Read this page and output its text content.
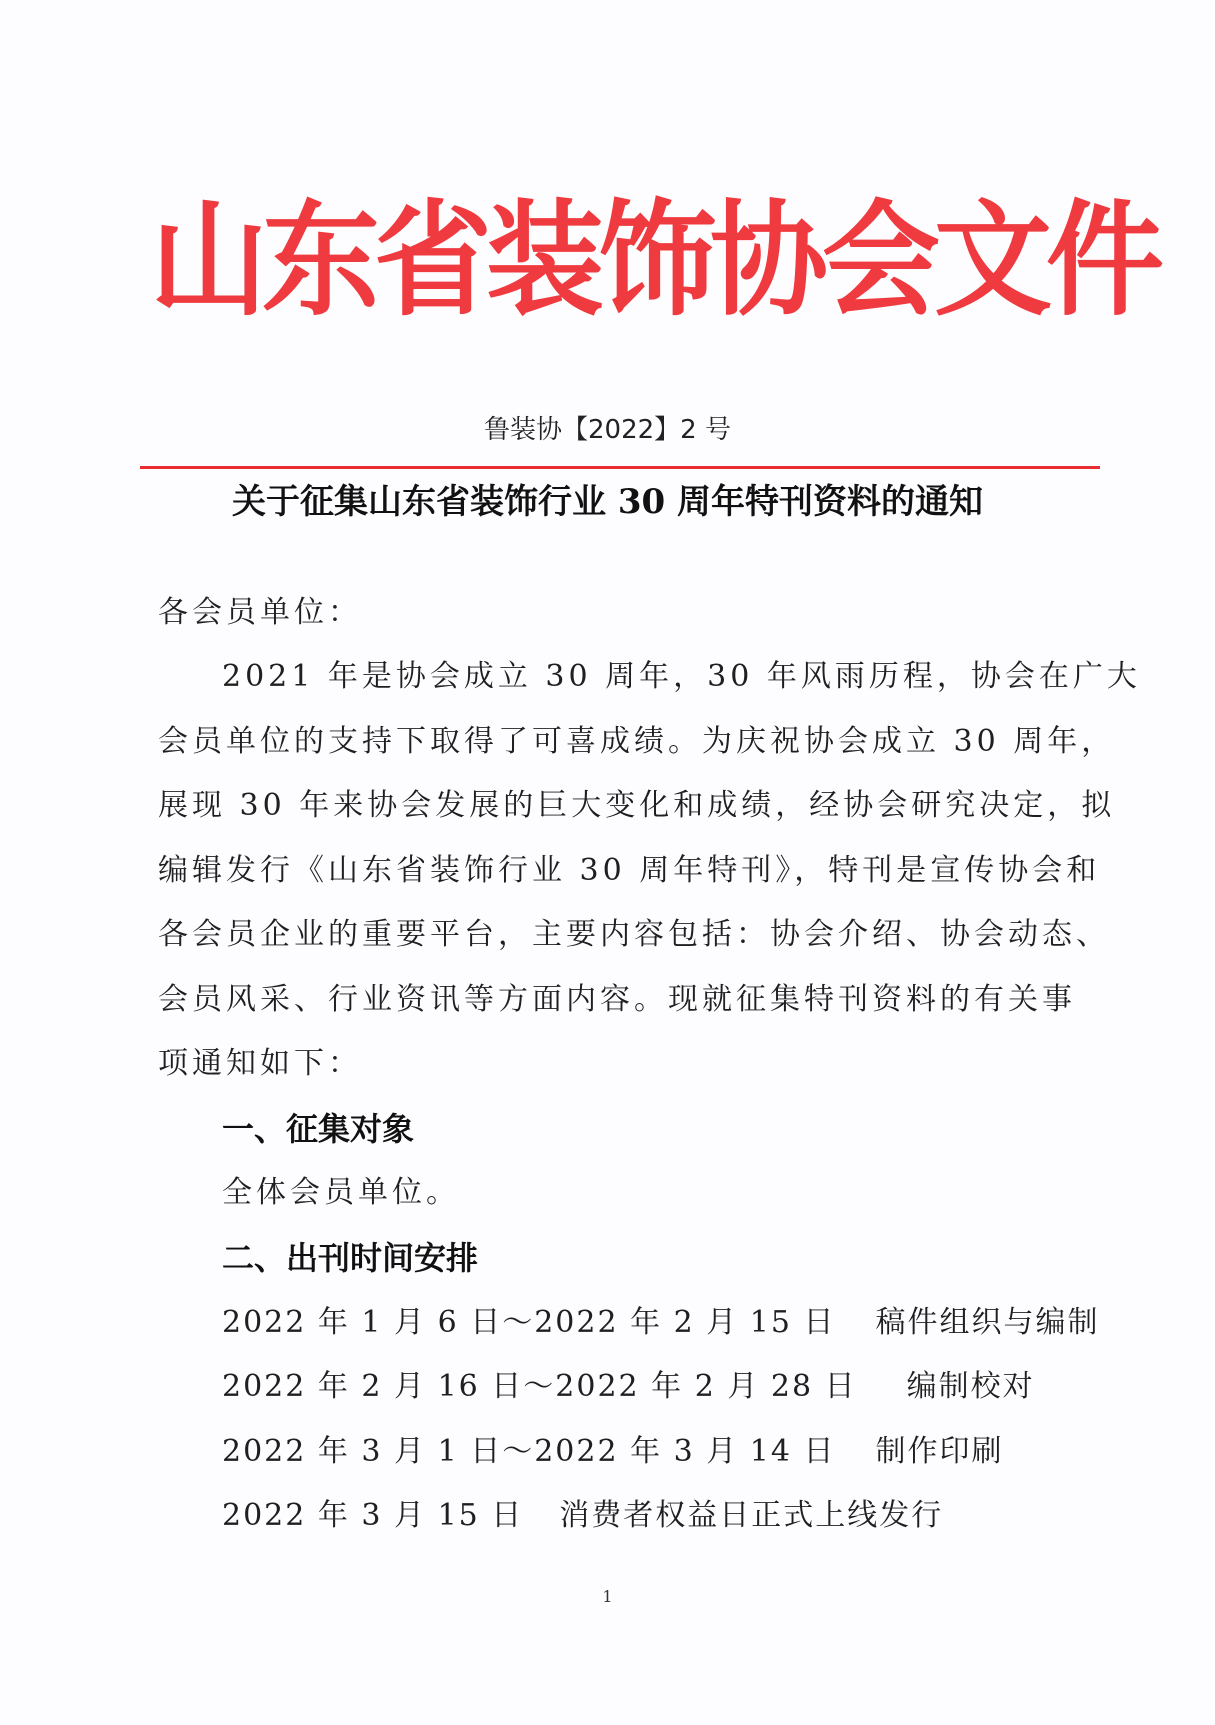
山东省装饰协会文件
鲁装协【2022】2 号
关于征集山东省装饰行业 30 周年特刊资料的通知
各会员单位：
2021 年是协会成立 30 周年，30 年风雨历程，协会在广大
会员单位的支持下取得了可喜成绩。为庆祝协会成立 30 周年，
展现 30 年来协会发展的巨大变化和成绩，经协会研究决定，拟
编辑发行《山东省装饰行业 30 周年特刊》，特刊是宣传协会和
各会员企业的重要平台，主要内容包括：协会介绍、协会动态、
会员风采、行业资讯等方面内容。现就征集特刊资料的有关事
项通知如下：
一、征集对象
全体会员单位。
二、出刊时间安排
2022 年 1 月 6 日～2022 年 2 月 15 日 稿件组织与编制
2022 年 2 月 16 日～2022 年 2 月 28 日 编制校对
2022 年 3 月 1 日～2022 年 3 月 14 日 制作印刷
2022 年 3 月 15 日 消费者权益日正式上线发行
1
